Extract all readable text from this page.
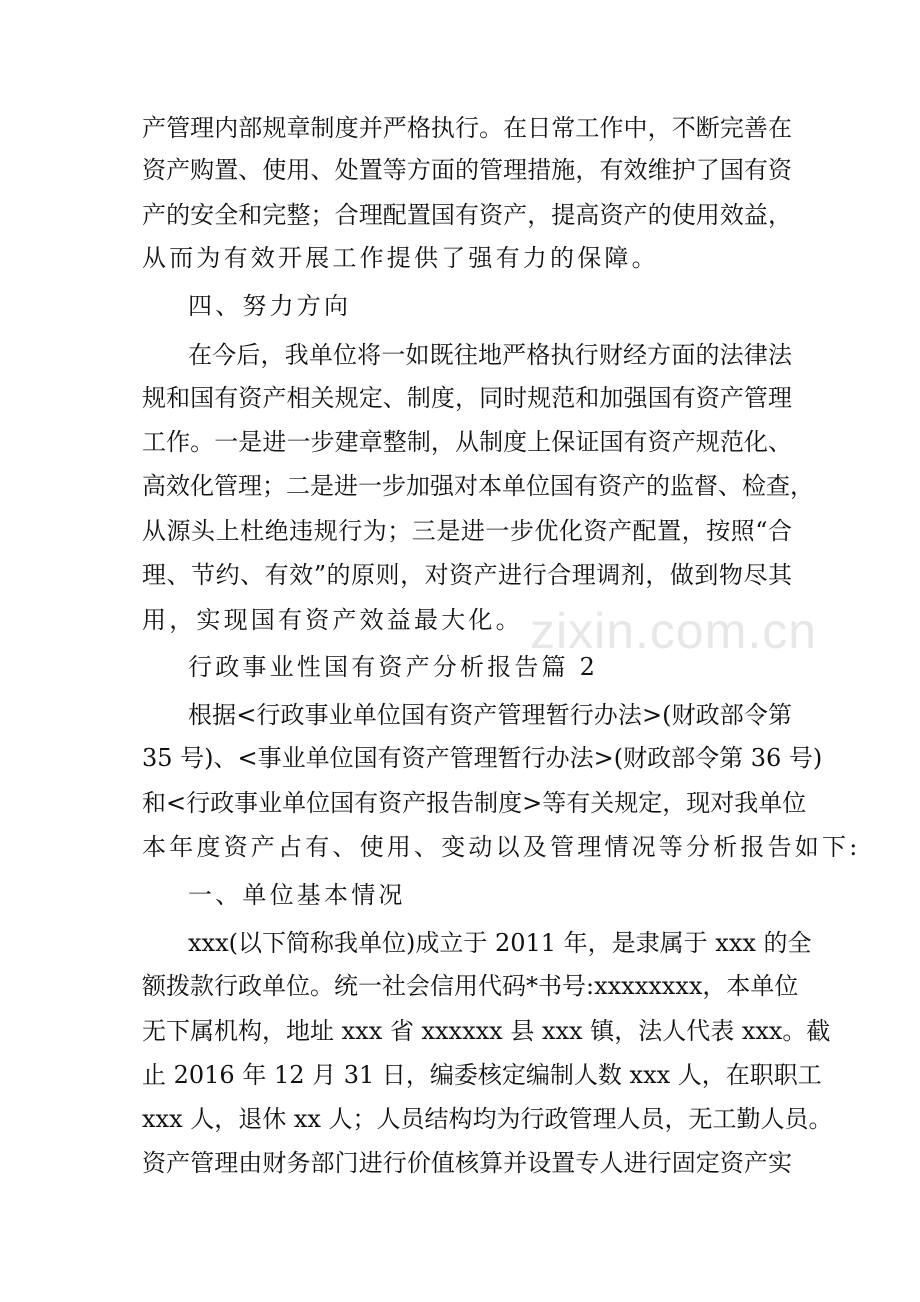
zixin.com.cn
产管理内部规章制度并严格执行。在日常工作中，不断完善在
资产购置、使用、处置等方面的管理措施，有效维护了国有资
产的安全和完整；合理配置国有资产，提高资产的使用效益，
从而为有效开展工作提供了强有力的保障。
四、努力方向
在今后，我单位将一如既往地严格执行财经方面的法律法
规和国有资产相关规定、制度，同时规范和加强国有资产管理
工作。一是进一步建章整制，从制度上保证国有资产规范化、
高效化管理；二是进一步加强对本单位国有资产的监督、检查，
从源头上杜绝违规行为；三是进一步优化资产配置，按照“合
理、节约、有效”的原则，对资产进行合理调剂，做到物尽其
用，实现国有资产效益最大化。
行政事业性国有资产分析报告篇 2
根据<行政事业单位国有资产管理暂行办法>(财政部令第
35 号)、<事业单位国有资产管理暂行办法>(财政部令第 36 号)
和<行政事业单位国有资产报告制度>等有关规定，现对我单位
本年度资产占有、使用、变动以及管理情况等分析报告如下:
一、单位基本情况
xxx(以下简称我单位)成立于 2011 年，是隶属于 xxx 的全
额拨款行政单位。统一社会信用代码*书号:xxxxxxxx，本单位
无下属机构，地址 xxx 省 xxxxxx 县 xxx 镇，法人代表 xxx。截
止 2016 年 12 月 31 日，编委核定编制人数 xxx 人，在职职工
xxx 人，退休 xx 人；人员结构均为行政管理人员，无工勤人员。
资产管理由财务部门进行价值核算并设置专人进行固定资产实
